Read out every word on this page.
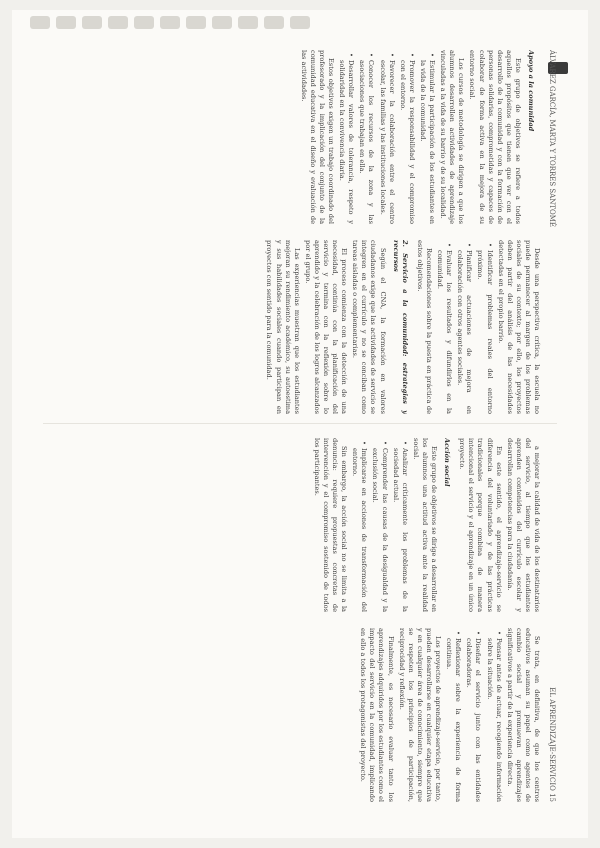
ÁLVAREZ GARCÍA, MARTA Y TORRES SANTOMÉ

Apoyo a la comunidad

Este grupo de objetivos se refiere a todos aquellos propósitos que tienen que ver con el desarrollo de la comunidad y con la formación de personas solidarias, comprometidas y capaces de colaborar de forma activa en la mejora de su entorno social.

Los cursos de metodología se dirigen a que los alumnos desarrollen actividades de aprendizaje vinculadas a la vida de su barrio y de su localidad.

• Estimular la participación de los estudiantes en la vida de la comunidad.

• Promover la responsabilidad y el compromiso con el entorno.

• Favorecer la colaboración entre el centro escolar, las familias y las instituciones locales.

• Conocer los recursos de la zona y las asociaciones que trabajan en ella.

• Desarrollar valores de tolerancia, respeto y solidaridad en la convivencia diaria.

Estos objetivos exigen un trabajo coordinado del profesorado y la implicación del conjunto de la comunidad educativa en el diseño y evaluación de las actividades.

Desde una perspectiva crítica, la escuela no puede permanecer al margen de los problemas sociales de su contexto; por ello, los proyectos deben partir del análisis de las necesidades detectadas en el propio barrio.

• Identificar problemas reales del entorno próximo.

• Planificar actuaciones de mejora en colaboración con otros agentes sociales.

• Evaluar los resultados y difundirlos en la comunidad.

Recomendaciones sobre la puesta en práctica de estos objetivos.

2. Servicio a la comunidad: estrategias y recursos

Según el CNA, la formación en valores ciudadanos exige que las actividades de servicio se integren en el currículo y no se conciban como tareas aisladas o complementarias.

El proceso comienza con la detección de una necesidad, continúa con la planificación del servicio y termina con la reflexión sobre lo aprendido y la celebración de los logros alcanzados por el grupo.

Las experiencias muestran que los estudiantes mejoran su rendimiento académico, su autoestima y sus habilidades sociales cuando participan en proyectos con sentido para la comunidad.

EL APRENDIZAJE-SERVICIO 15

a mejorar la calidad de vida de los destinatarios del servicio, al tiempo que los estudiantes aprenden contenidos del currículo escolar y desarrollan competencias para la ciudadanía.

En este sentido, el aprendizaje-servicio se diferencia del voluntariado y de las prácticas tradicionales porque combina de manera intencional el servicio y el aprendizaje en un único proyecto.

Acción social

Este grupo de objetivos se dirige a desarrollar en los alumnos una actitud activa ante la realidad social.

• Analizar críticamente los problemas de la sociedad actual.

• Comprender las causas de la desigualdad y la exclusión social.

• Implicarse en acciones de transformación del entorno.

Sin embargo, la acción social no se limita a la denuncia: requiere propuestas concretas de intervención y el compromiso sostenido de todos los participantes.

Se trata, en definitiva, de que los centros educativos asuman su papel como agentes de cambio social y promuevan aprendizajes significativos a partir de la experiencia directa.

• Pensar antes de actuar, recogiendo información sobre la situación.

• Diseñar el servicio junto con las entidades colaboradoras.

• Reflexionar sobre la experiencia de forma continua.

Los proyectos de aprendizaje-servicio, por tanto, pueden desarrollarse en cualquier etapa educativa y en cualquier área de conocimiento, siempre que se respeten los principios de participación, reciprocidad y reflexión.

Finalmente, es necesario evaluar tanto los aprendizajes adquiridos por los estudiantes como el impacto del servicio en la comunidad, implicando en ello a todos los protagonistas del proyecto.
